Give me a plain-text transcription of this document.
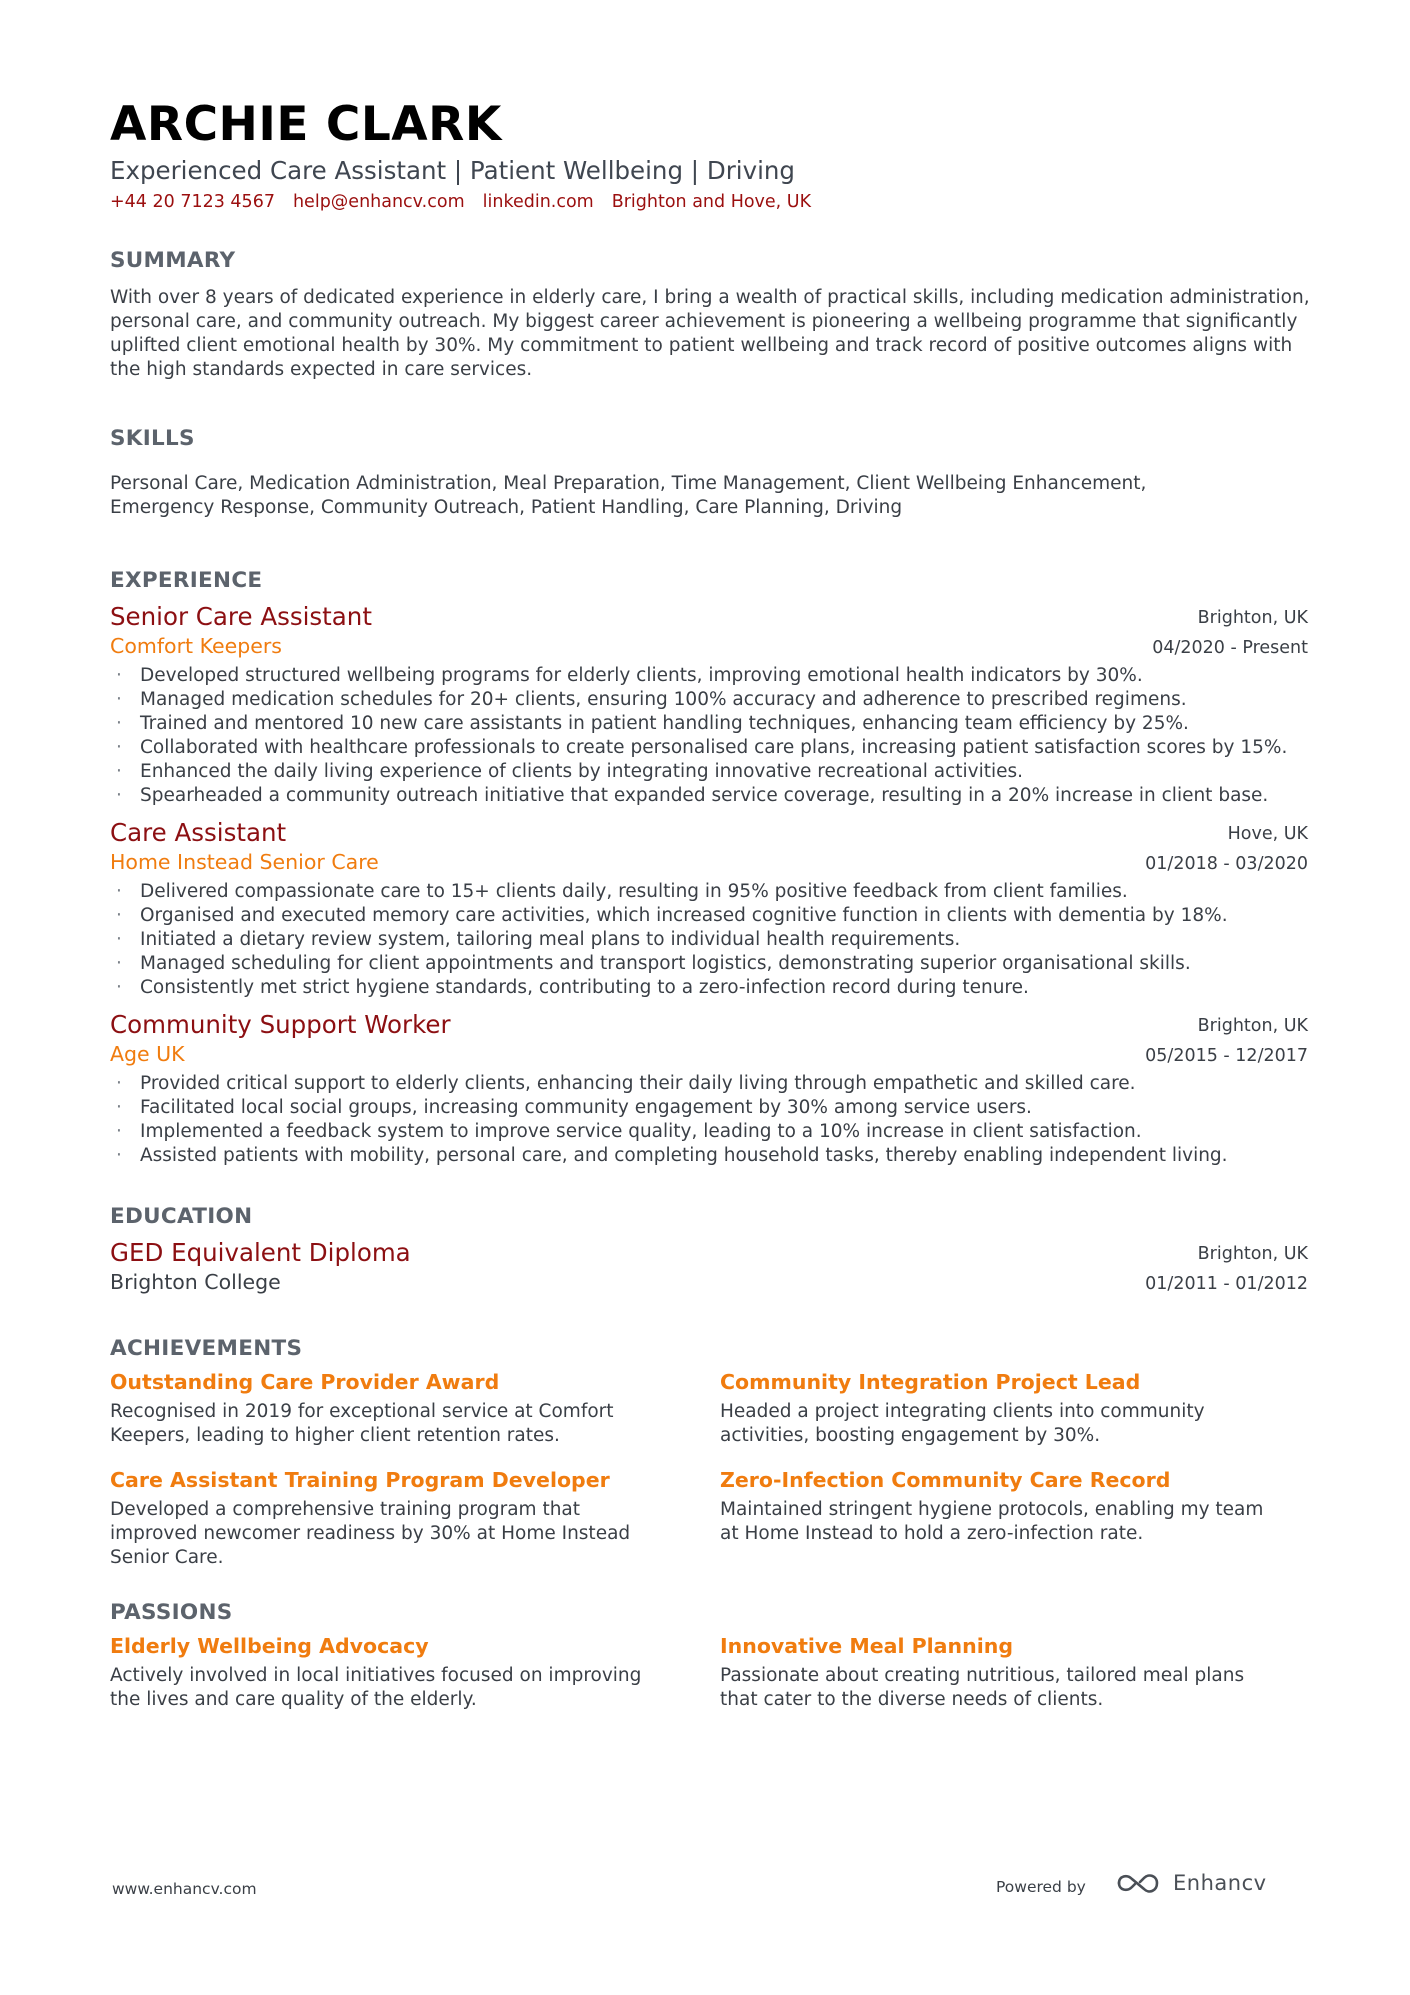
ARCHIE CLARK
Experienced Care Assistant | Patient Wellbeing | Driving
+44 20 7123 4567 help@enhancv.com linkedin.com Brighton and Hove, UK
SUMMARY
With over 8 years of dedicated experience in elderly care, I bring a wealth of practical skills, including medication administration, personal care, and community outreach. My biggest career achievement is pioneering a wellbeing programme that significantly uplifted client emotional health by 30%. My commitment to patient wellbeing and track record of positive outcomes aligns with the high standards expected in care services.
SKILLS
Personal Care, Medication Administration, Meal Preparation, Time Management, Client Wellbeing Enhancement, Emergency Response, Community Outreach, Patient Handling, Care Planning, Driving
EXPERIENCE
Senior Care Assistant
Comfort Keepers
Brighton, UK
04/2020 - Present
· Developed structured wellbeing programs for elderly clients, improving emotional health indicators by 30%.
· Managed medication schedules for 20+ clients, ensuring 100% accuracy and adherence to prescribed regimens.
· Trained and mentored 10 new care assistants in patient handling techniques, enhancing team efficiency by 25%.
· Collaborated with healthcare professionals to create personalised care plans, increasing patient satisfaction scores by 15%.
· Enhanced the daily living experience of clients by integrating innovative recreational activities.
· Spearheaded a community outreach initiative that expanded service coverage, resulting in a 20% increase in client base.
Care Assistant
Home Instead Senior Care
Hove, UK
01/2018 - 03/2020
· Delivered compassionate care to 15+ clients daily, resulting in 95% positive feedback from client families.
· Organised and executed memory care activities, which increased cognitive function in clients with dementia by 18%.
· Initiated a dietary review system, tailoring meal plans to individual health requirements.
· Managed scheduling for client appointments and transport logistics, demonstrating superior organisational skills.
· Consistently met strict hygiene standards, contributing to a zero-infection record during tenure.
Community Support Worker
Age UK
Brighton, UK
05/2015 - 12/2017
· Provided critical support to elderly clients, enhancing their daily living through empathetic and skilled care.
· Facilitated local social groups, increasing community engagement by 30% among service users.
· Implemented a feedback system to improve service quality, leading to a 10% increase in client satisfaction.
· Assisted patients with mobility, personal care, and completing household tasks, thereby enabling independent living.
EDUCATION
GED Equivalent Diploma
Brighton College
Brighton, UK
01/2011 - 01/2012
ACHIEVEMENTS
Outstanding Care Provider Award
Recognised in 2019 for exceptional service at Comfort Keepers, leading to higher client retention rates.
Community Integration Project Lead
Headed a project integrating clients into community activities, boosting engagement by 30%.
Care Assistant Training Program Developer
Developed a comprehensive training program that improved newcomer readiness by 30% at Home Instead Senior Care.
Zero-Infection Community Care Record
Maintained stringent hygiene protocols, enabling my team at Home Instead to hold a zero-infection rate.
PASSIONS
Elderly Wellbeing Advocacy
Actively involved in local initiatives focused on improving the lives and care quality of the elderly.
Innovative Meal Planning
Passionate about creating nutritious, tailored meal plans that cater to the diverse needs of clients.
www.enhancv.com	Powered by	Enhancv
